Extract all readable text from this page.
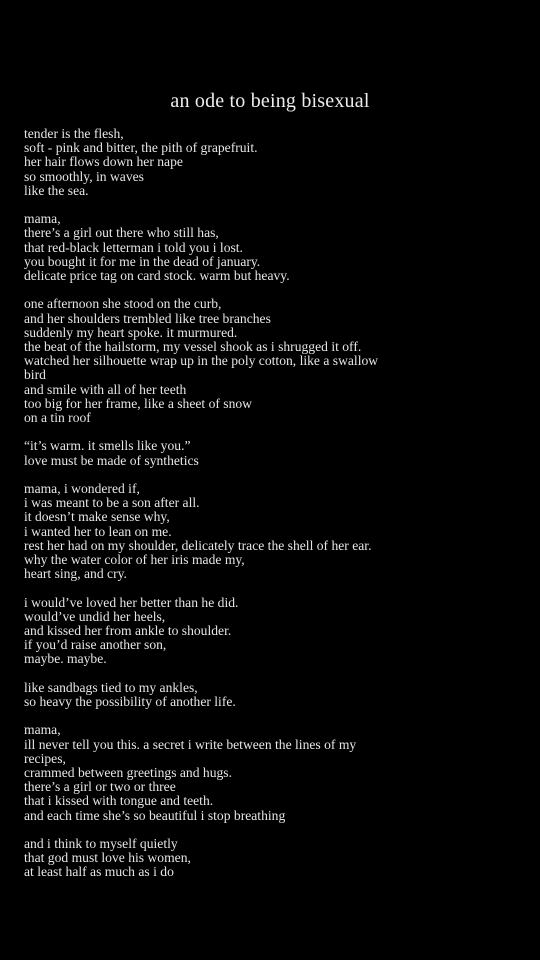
an ode to being bisexual
tender is the flesh,
soft - pink and bitter, the pith of grapefruit.
her hair flows down her nape
so smoothly, in waves
like the sea.
mama,
there’s a girl out there who still has,
that red-black letterman i told you i lost.
you bought it for me in the dead of january.
delicate price tag on card stock. warm but heavy.
one afternoon she stood on the curb,
and her shoulders trembled like tree branches
suddenly my heart spoke. it murmured.
the beat of the hailstorm, my vessel shook as i shrugged it off.
watched her silhouette wrap up in the poly cotton, like a swallow
bird
and smile with all of her teeth
too big for her frame, like a sheet of snow
on a tin roof
“it’s warm. it smells like you.”
love must be made of synthetics
mama, i wondered if,
i was meant to be a son after all.
it doesn’t make sense why,
i wanted her to lean on me.
rest her had on my shoulder, delicately trace the shell of her ear.
why the water color of her iris made my,
heart sing, and cry.
i would’ve loved her better than he did.
would’ve undid her heels,
and kissed her from ankle to shoulder.
if you’d raise another son,
maybe. maybe.
like sandbags tied to my ankles,
so heavy the possibility of another life.
mama,
ill never tell you this. a secret i write between the lines of my
recipes,
crammed between greetings and hugs.
there’s a girl or two or three
that i kissed with tongue and teeth.
and each time she’s so beautiful i stop breathing
and i think to myself quietly
that god must love his women,
at least half as much as i do
